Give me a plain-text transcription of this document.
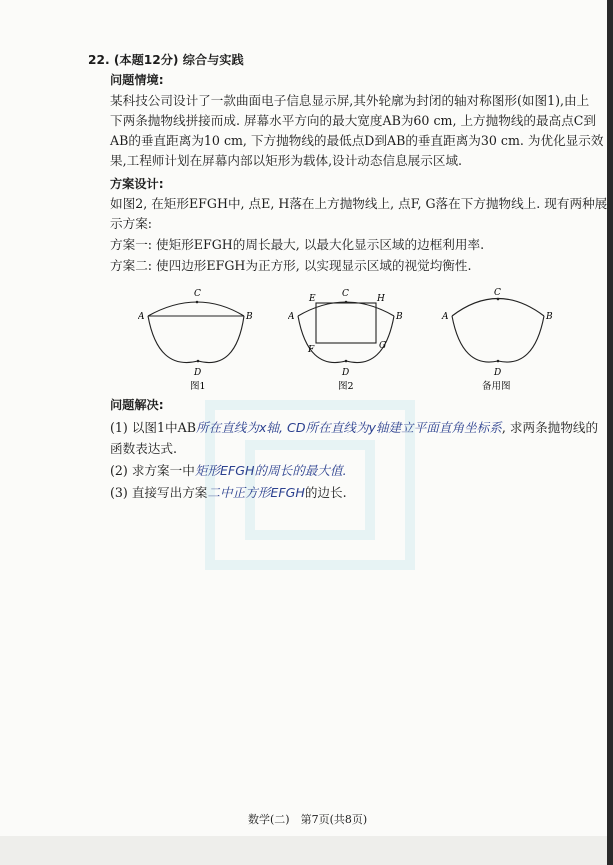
22. (本题12分) 综合与实践
问题情境:
某科技公司设计了一款曲面电子信息显示屏,其外轮廓为封闭的轴对称图形(如图1),由上
下两条抛物线拼接而成. 屏幕水平方向的最大宽度AB为60 cm, 上方抛物线的最高点C到
AB的垂直距离为10 cm, 下方抛物线的最低点D到AB的垂直距离为30 cm. 为优化显示效
果,工程师计划在屏幕内部以矩形为载体,设计动态信息展示区域.
方案设计:
如图2, 在矩形EFGH中, 点E, H落在上方抛物线上, 点F, G落在下方抛物线上. 现有两种展
示方案:
方案一: 使矩形EFGH的周长最大, 以最大化显示区域的边框利用率.
方案二: 使四边形EFGH为正方形, 以实现显示区域的视觉均衡性.
A	B
C
D
图1
A	B
C
D
E	H
F	G
图2
A	B
C
D
备用图
问题解决:
(1) 以图1中AB所在直线为x轴, CD所在直线为y轴建立平面直角坐标系, 求两条抛物线的
函数表达式.
(2) 求方案一中矩形EFGH的周长的最大值.
(3) 直接写出方案二中正方形EFGH的边长.
数学(二)　第7页(共8页)
